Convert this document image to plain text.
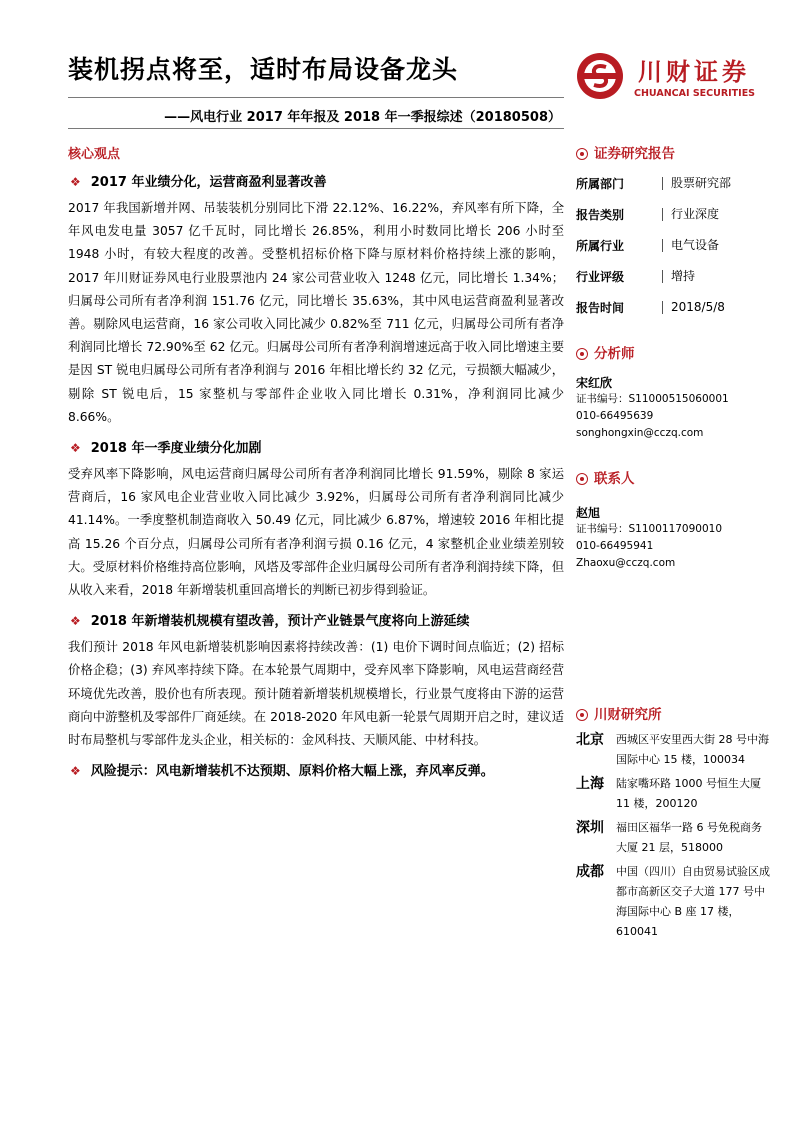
装机拐点将至，适时布局设备龙头	川财证券
CHUANCAI SECURITIES
——风电行业 2017 年年报及 2018 年一季报综述（20180508）
核心观点
❖ 2017 年业绩分化，运营商盈利显著改善

2017 年我国新增并网、吊装装机分别同比下滑 22.12%、16.22%，弃风率有所下降，全年风电发电量 3057 亿千瓦时，同比增长 26.85%，利用小时数同比增长 206 小时至 1948 小时，有较大程度的改善。受整机招标价格下降与原材料价格持续上涨的影响，2017 年川财证券风电行业股票池内 24 家公司营业收入 1248 亿元，同比增长 1.34%；归属母公司所有者净利润 151.76 亿元，同比增长 35.63%，其中风电运营商盈利显著改善。剔除风电运营商，16 家公司收入同比减少 0.82%至 711 亿元，归属母公司所有者净利润同比增长 72.90%至 62 亿元。归属母公司所有者净利润增速远高于收入同比增速主要是因 ST 锐电归属母公司所有者净利润与 2016 年相比增长约 32 亿元，亏损额大幅减少，剔除 ST 锐电后，15 家整机与零部件企业收入同比增长 0.31%，净利润同比减少 8.66%。

❖ 2018 年一季度业绩分化加剧

受弃风率下降影响，风电运营商归属母公司所有者净利润同比增长 91.59%，剔除 8 家运营商后，16 家风电企业营业收入同比减少 3.92%，归属母公司所有者净利润同比减少 41.14%。一季度整机制造商收入 50.49 亿元，同比减少 6.87%，增速较 2016 年相比提高 15.26 个百分点，归属母公司所有者净利润亏损 0.16 亿元，4 家整机企业业绩差别较大。受原材料价格维持高位影响，风塔及零部件企业归属母公司所有者净利润持续下降，但从收入来看，2018 年新增装机重回高增长的判断已初步得到验证。

❖ 2018 年新增装机规模有望改善，预计产业链景气度将向上游延续

我们预计 2018 年风电新增装机影响因素将持续改善：(1) 电价下调时间点临近；(2) 招标价格企稳；(3) 弃风率持续下降。在本轮景气周期中，受弃风率下降影响，风电运营商经营环境优先改善，股价也有所表现。预计随着新增装机规模增长，行业景气度将由下游的运营商向中游整机及零部件厂商延续。在 2018-2020 年风电新一轮景气周期开启之时，建议适时布局整机与零部件龙头企业，相关标的：金风科技、天顺风能、中材科技。

❖ 风险提示：风电新增装机不达预期、原料价格大幅上涨，弃风率反弹。
证券研究报告
所属部门	股票研究部
报告类别	行业深度
所属行业	电气设备
行业评级	增持
报告时间	2018/5/8
分析师
宋红欣
证书编号：S1100051506​0001
010-66495639
songhongxin@cczq.com
联系人
赵旭
证书编号：S1100117090010
010-66495941
Zhaoxu@cczq.com
川财研究所
北京	西城区平安里西大街 28 号中海国际中心 15 楼，100034
上海	陆家嘴环路 1000 号恒生大厦 11 楼，200120
深圳	福田区福华一路 6 号免税商务大厦 21 层，518000
成都	中国（四川）自由贸易试验区成都市高新区交子大道 177 号中海国际中心 B 座 17 楼，610041
